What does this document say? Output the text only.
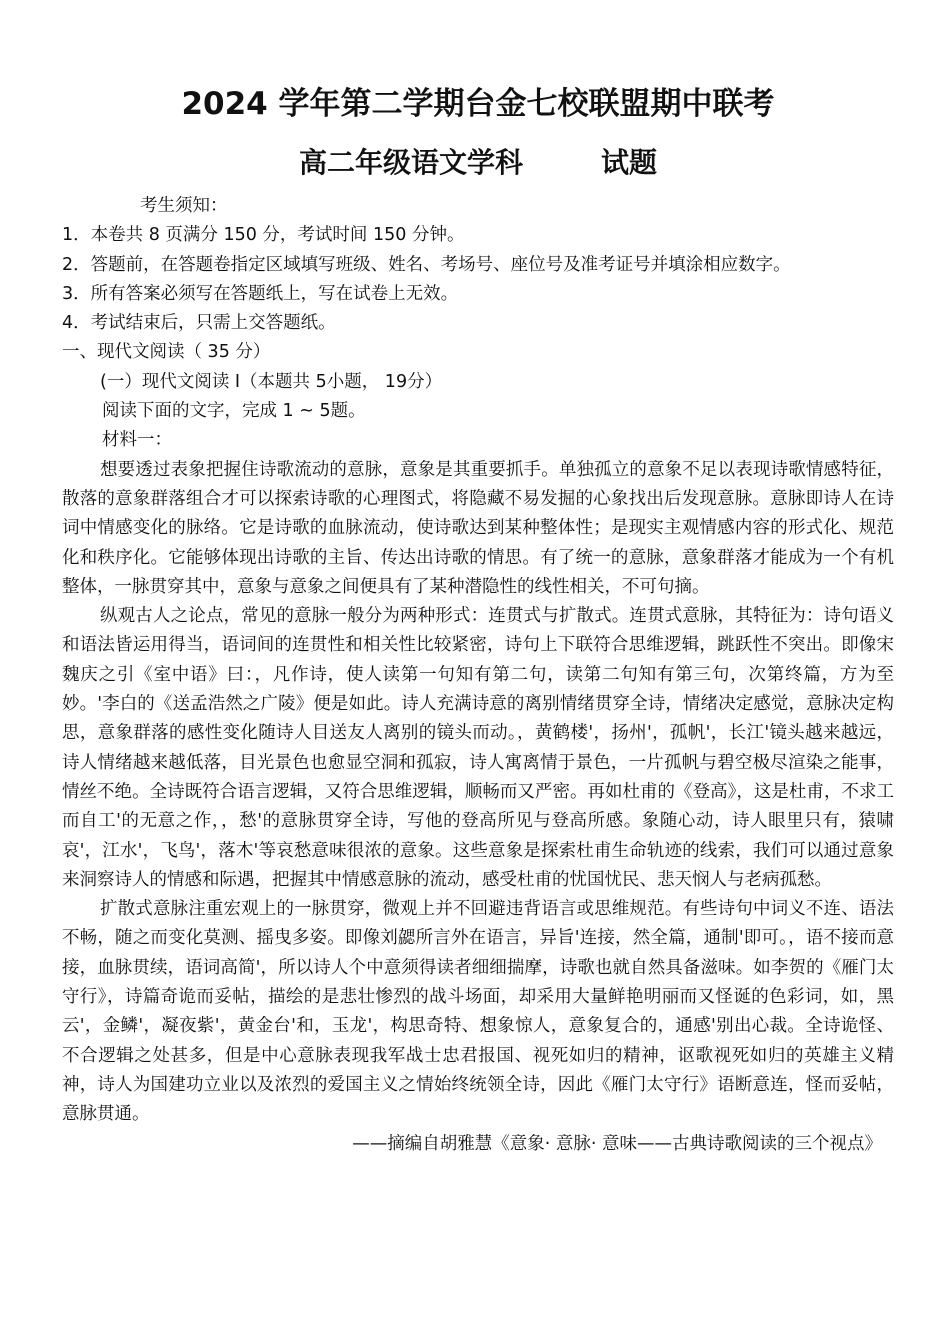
2024 学年第二学期台金七校联盟期中联考
高二年级语文学科        试题

考生须知：

1．本卷共 8 页满分 150 分，考试时间 150 分钟。

2．答题前，在答题卷指定区域填写班级、姓名、考场号、座位号及准考证号并填涂相应数字。

3．所有答案必须写在答题纸上，写在试卷上无效。

4．考试结束后，只需上交答题纸。

一、现代文阅读（ 35 分）

(一）现代文阅读 I（本题共 5小题， 19分）

阅读下面的文字，完成 1 ~ 5题。

材料一：

想要透过表象把握住诗歌流动的意脉，意象是其重要抓手。单独孤立的意象不足以表现诗歌情感特征，散落的意象群落组合才可以探索诗歌的心理图式，将隐藏不易发掘的心象找出后发现意脉。意脉即诗人在诗词中情感变化的脉络。它是诗歌的血脉流动，使诗歌达到某种整体性；是现实主观情感内容的形式化、规范化和秩序化。它能够体现出诗歌的主旨、传达出诗歌的情思。有了统一的意脉，意象群落才能成为一个有机整体，一脉贯穿其中，意象与意象之间便具有了某种潜隐性的线性相关，不可句摘。

纵观古人之论点，常见的意脉一般分为两种形式：连贯式与扩散式。连贯式意脉，其特征为：诗句语义和语法皆运用得当，语词间的连贯性和相关性比较紧密，诗句上下联符合思维逻辑，跳跃性不突出。即像宋魏庆之引《室中语》曰：，凡作诗，使人读第一句知有第二句，读第二句知有第三句，次第终篇，方为至妙。'李白的《送孟浩然之广陵》便是如此。诗人充满诗意的离别情绪贯穿全诗，情绪决定感觉，意脉决定构思，意象群落的感性变化随诗人目送友人离别的镜头而动。，黄鹤楼'，扬州'，孤帆'，长江'镜头越来越远，诗人情绪越来越低落，目光景色也愈显空洞和孤寂，诗人寓离情于景色，一片孤帆与碧空极尽渲染之能事，情丝不绝。全诗既符合语言逻辑，又符合思维逻辑，顺畅而又严密。再如杜甫的《登高》，这是杜甫，不求工而自工'的无意之作，，愁'的意脉贯穿全诗，写他的登高所见与登高所感。象随心动，诗人眼里只有，猿啸哀'，江水'，飞鸟'，落木'等哀愁意味很浓的意象。这些意象是探索杜甫生命轨迹的线索，我们可以通过意象来洞察诗人的情感和际遇，把握其中情感意脉的流动，感受杜甫的忧国忧民、悲天悯人与老病孤愁。

扩散式意脉注重宏观上的一脉贯穿，微观上并不回避违背语言或思维规范。有些诗句中词义不连、语法不畅，随之而变化莫测、摇曳多姿。即像刘勰所言外在语言，异旨'连接，然全篇，通制'即可。，语不接而意接，血脉贯续，语词高简'，所以诗人个中意须得读者细细揣摩，诗歌也就自然具备滋味。如李贺的《雁门太守行》，诗篇奇诡而妥帖，描绘的是悲壮惨烈的战斗场面，却采用大量鲜艳明丽而又怪诞的色彩词，如，黑云'，金鳞'，凝夜紫'，黄金台'和，玉龙'，构思奇特、想象惊人，意象复合的，通感'别出心裁。全诗诡怪、不合逻辑之处甚多，但是中心意脉表现我军战士忠君报国、视死如归的精神，讴歌视死如归的英雄主义精神，诗人为国建功立业以及浓烈的爱国主义之情始终统领全诗，因此《雁门太守行》语断意连，怪而妥帖，意脉贯通。

——摘编自胡雅慧《意象· 意脉· 意味——古典诗歌阅读的三个视点》
